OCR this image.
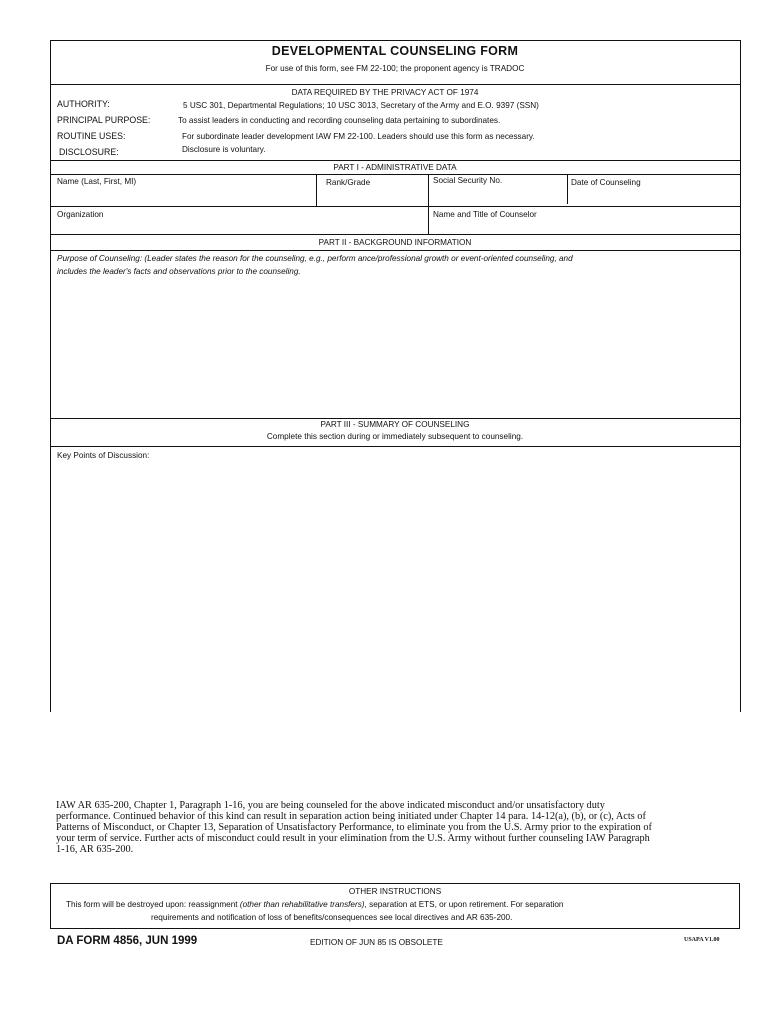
DEVELOPMENTAL COUNSELING FORM
For use of this form, see FM 22-100; the proponent agency is TRADOC
DATA REQUIRED BY THE PRIVACY ACT OF 1974
AUTHORITY:	5 USC 301, Departmental Regulations; 10 USC 3013, Secretary of the Army and E.O. 9397 (SSN)
PRINCIPAL PURPOSE:	To assist leaders in conducting and recording counseling data pertaining to subordinates.
ROUTINE USES:	For subordinate leader development IAW FM 22-100. Leaders should use this form as necessary.
DISCLOSURE:	Disclosure is voluntary.
PART I - ADMINISTRATIVE DATA
Name (Last, First, MI)	Rank/Grade	Social Security No.	Date of Counseling
Organization	Name and Title of Counselor
PART II - BACKGROUND INFORMATION
Purpose of Counseling: (Leader states the reason for the counseling, e.g., perform ance/professional growth or event-oriented counseling, and
includes the leader's facts and observations prior to the counseling.
PART III - SUMMARY OF COUNSELING
Complete this section during or immediately subsequent to counseling.
Key Points of Discussion:
IAW AR 635-200, Chapter 1, Paragraph 1-16, you are being counseled for the above indicated misconduct and/or unsatisfactory duty
performance. Continued behavior of this kind can result in separation action being initiated under Chapter 14 para. 14-12(a), (b), or (c), Acts of
Patterns of Misconduct, or Chapter 13, Separation of Unsatisfactory Performance, to eliminate you from the U.S. Army prior to the expiration of
your term of service. Further acts of misconduct could result in your elimination from the U.S. Army without further counseling IAW Paragraph
1-16, AR 635-200.
OTHER INSTRUCTIONS
This form will be destroyed upon: reassignment (other than rehabilitative transfers), separation at ETS, or upon retirement. For separation
requirements and notification of loss of benefits/consequences see local directives and AR 635-200.
DA FORM 4856, JUN 1999	EDITION OF JUN 85 IS OBSOLETE	USAPA V1.00
